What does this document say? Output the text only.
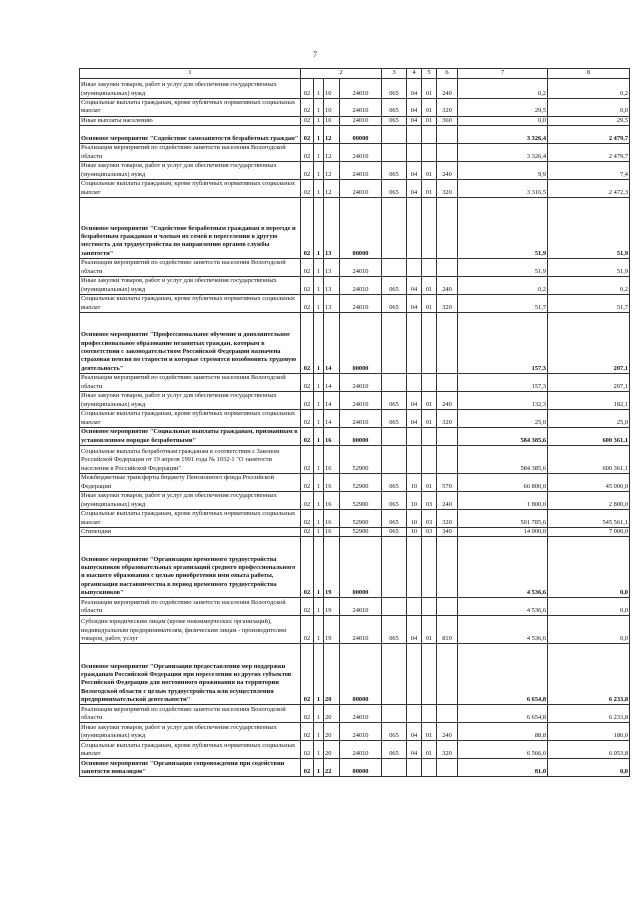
7
1	2				3	4	5	6	7	8
Иные закупки товаров, работ и услуг для обеспечения государственных (муниципальных) нужд	02	1	10	24010	065	04	01	240	0,2	0,2
Социальные выплаты гражданам, кроме публичных нормативных социальных выплат	02	1	10	24010	065	04	01	320	29,5	0,0
Иные выплаты населению	02	1	10	24010	065	04	01	360	0,0	29,5
Основное мероприятие "Содействие самозанятости безработных граждан"	02	1	12	00000					3 326,4	2 479,7
Реализация мероприятий по содействию занятости населения Вологодской области	02	1	12	24010					3 326,4	2 479,7
Иные закупки товаров, работ и услуг для обеспечения государственных (муниципальных) нужд	02	1	12	24010	065	04	01	240	9,9	7,4
Социальные выплаты гражданам, кроме публичных нормативных социальных выплат	02	1	12	24010	065	04	01	320	3 316,5	2 472,3
Основное мероприятие "Содействие безработным гражданам в переезде и безработным гражданам и членам их семей в переселении в другую местность для трудоустройства по направлению органов службы занятости"	02	1	13	00000					51,9	51,9
Реализация мероприятий по содействию занятости населения Вологодской области	02	1	13	24010					51,9	51,9
Иные закупки товаров, работ и услуг для обеспечения государственных (муниципальных) нужд	02	1	13	24010	065	04	01	240	0,2	0,2
Социальные выплаты гражданам, кроме публичных нормативных социальных выплат	02	1	13	24010	065	04	01	320	51,7	51,7
Основное мероприятие "Профессиональное обучение и дополнительное профессиональное образование незанятых граждан, которым в соответствии с законодательством Российской Федерации назначена страховая пенсия по старости и которые стремятся возобновить трудовую деятельность"	02	1	14	00000					157,3	207,1
Реализация мероприятий по содействию занятости населения Вологодской области	02	1	14	24010					157,3	207,1
Иные закупки товаров, работ и услуг для обеспечения государственных (муниципальных) нужд	02	1	14	24010	065	04	01	240	132,3	182,1
Социальные выплаты гражданам, кроме публичных нормативных социальных выплат	02	1	14	24010	065	04	01	320	25,0	25,0
Основное мероприятие "Социальные выплаты гражданам, признанным в установленном порядке безработными"	02	1	16	00000					584 385,6	600 361,1
Социальные выплаты безработным гражданам в соответствии с Законом Российской Федерации от 19 апреля 1991 года № 1032-1 "О занятости населения в Российской Федерации"	02	1	16	52900					584 385,6	600 361,1
Межбюджетные трансферты бюджету Пенсионного фонда Российской Федерации	02	1	16	52900	065	10	01	570	66 800,0	45 000,0
Иные закупки товаров, работ и услуг для обеспечения государственных (муниципальных) нужд	02	1	16	52900	065	10	03	240	1 800,0	2 800,0
Социальные выплаты гражданам, кроме публичных нормативных социальных выплат	02	1	16	52900	065	10	03	320	501 785,6	545 561,1
Стипендии	02	1	16	52900	065	10	03	340	14 000,0	7 000,0
Основное мероприятие "Организация временного трудоустройства выпускников образовательных организаций среднего профессионального и высшего образования с целью приобретения ими опыта работы, организация наставничества в период временного трудоустройства выпускников"	02	1	19	00000					4 536,6	0,0
Реализация мероприятий по содействию занятости населения Вологодской области	02	1	19	24010					4 536,6	0,0
Субсидии юридическим лицам (кроме некоммерческих организаций), индивидуальным предпринимателям, физическим лицам - производителям товаров, работ, услуг	02	1	19	24010	065	04	01	810	4 536,6	0,0
Основное мероприятие "Организация предоставления мер поддержки гражданам Российской Федерации при переселении из других субъектов Российской Федерации для постоянного проживания на территории Вологодской области с целью трудоустройства или осуществления предпринимательской деятельности"	02	1	20	00000					6 654,8	6 233,8
Реализация мероприятий по содействию занятости населения Вологодской области	02	1	20	24010					6 654,8	6 233,8
Иные закупки товаров, работ и услуг для обеспечения государственных (муниципальных) нужд	02	1	20	24010	065	04	01	240	88,8	180,0
Социальные выплаты гражданам, кроме публичных нормативных социальных выплат	02	1	20	24010	065	04	01	320	6 566,0	6 053,8
Основное мероприятие "Организация сопровождения при содействии занятости инвалидов"	02	1	22	00000					81,0	0,0
